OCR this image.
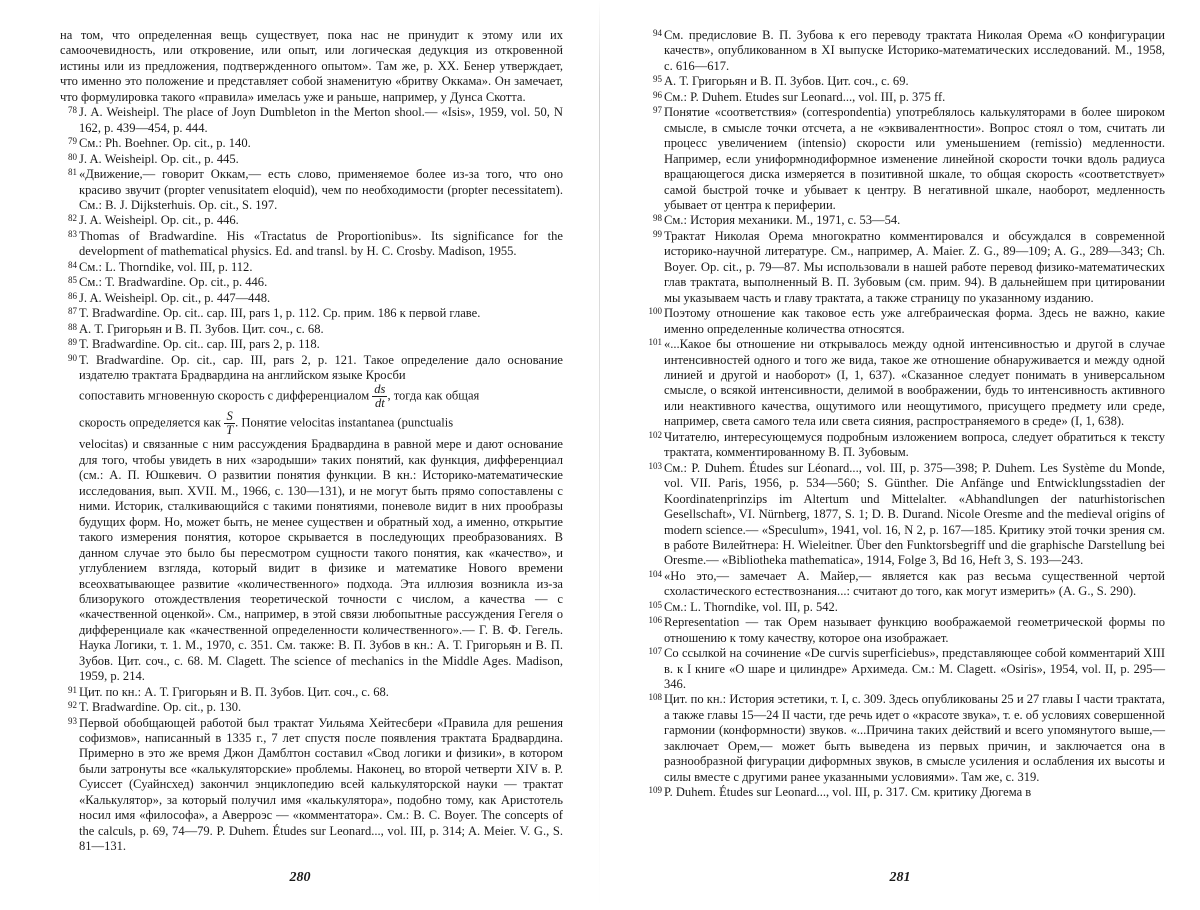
на том, что определенная вещь существует, пока нас не принудит к этому или их самоочевидность, или откровение, или опыт, или логическая дедукция из откровенной истины или из предложения, подтвержденного опытом». Там же, p. XX. Бенер утверждает, что именно это положение и представляет собой знаменитую «бритву Оккама». Он замечает, что формулировка такого «правила» имелась уже и раньше, например, у Дунса Скотта.
78 J. A. Weisheipl. The place of Joyn Dumbleton in the Merton shool.— «Isis», 1959, vol. 50, N 162, p. 439—454, p. 444.
79 См.: Ph. Boehner. Op. cit., p. 140.
80 J. A. Weisheipl. Op. cit., p. 445.
81 «Движение,— говорит Оккам,— есть слово, применяемое более из-за того, что оно красиво звучит (propter venusitatem eloquid), чем по необходимости (propter necessitatem). См.: B. J. Dijksterhuis. Op. cit., S. 197.
82 J. A. Weisheipl. Op. cit., p. 446.
83 Thomas of Bradwardine. His «Tractatus de Proportionibus». Its significance for the development of mathematical physics. Ed. and transl. by H. C. Crosby. Madison, 1955.
84 См.: L. Thorndike, vol. III, p. 112.
85 См.: T. Bradwardine. Op. cit., p. 446.
86 J. A. Weisheipl. Op. cit., p. 447—448.
87 T. Bradwardine. Op. cit.. cap. III, pars 1, p. 112. Ср. прим. 186 к первой главе.
88 А. Т. Григорьян и В. П. Зубов. Цит. соч., с. 68.
89 T. Bradwardine. Op. cit.. cap. III, pars 2, p. 118.
90 T. Bradwardine. Op. cit., cap. III, pars 2, p. 121. Такое определение дало основание издателю трактата Брадвардина на английском языке Кросби
сопоставить мгновенную скорость с дифференциалом $\frac{ds}{dt}$ , тогда как общая
скорость определяется как $\frac{S}{T}$ . Понятие velocitas instantanea (punctualis
velocitas) и связанные с ним рассуждения Брадвардина в равной мере и дают основание для того, чтобы увидеть в них «зародыши» таких понятий, как функция, дифференциал (см.: А. П. Юшкевич. О развитии понятия функции. В кн.: Историко-математические исследования, вып. XVII. М., 1966, с. 130—131), и не могут быть прямо сопоставлены с ними. Историк, сталкивающийся с такими понятиями, поневоле видит в них прообразы будущих форм. Но, может быть, не менее существен и обратный ход, а именно, открытие такого измерения понятия, которое скрывается в последующих преобразованиях. В данном случае это было бы пересмотром сущности такого понятия, как «качество», и углублением взгляда, который видит в физике и математике Нового времени всеохватывающее развитие «количественного» подхода. Эта иллюзия возникла из-за близорукого отождествления теоретической точности с числом, а качества — с «качественной оценкой». См., например, в этой связи любопытные рассуждения Гегеля о дифференциале как «качественной определенности количественного».— Г. В. Ф. Гегель. Наука Логики, т. 1. М., 1970, с. 351. См. также: В. П. Зубов в кн.: А. Т. Григорьян и В. П. Зубов. Цит. соч., с. 68. M. Clagett. The science of mechanics in the Middle Ages. Madison, 1959, p. 214.
91 Цит. по кн.: А. Т. Григорьян и В. П. Зубов. Цит. соч., с. 68.
92 T. Bradwardine. Op. cit., p. 130.
93 Первой обобщающей работой был трактат Уильяма Хейтесбери «Правила для решения софизмов», написанный в 1335 г., 7 лет спустя после появления трактата Брадвардина. Примерно в это же время Джон Дамблтон составил «Свод логики и физики», в котором были затронуты все «калькуляторские» проблемы. Наконец, во второй четверти XIV в. Р. Суиссет (Суайнсхед) закончил энциклопедию всей калькуляторской науки — трактат «Калькулятор», за который получил имя «калькулятора», подобно тому, как Аристотель носил имя «философа», а Аверроэс — «комментатора». См.: B. C. Boyer. The concepts of the calculs, p. 69, 74—79. P. Duhem. Études sur Leonard..., vol. III, p. 314; A. Meier. V. G., S. 81—131.
280
94 См. предисловие В. П. Зубова к его переводу трактата Николая Орема «О конфигурации качеств», опубликованном в XI выпуске Историко-математических исследований. М., 1958, с. 616—617.
95 А. Т. Григорьян и В. П. Зубов. Цит. соч., с. 69.
96 См.: P. Duhem. Etudes sur Leonard..., vol. III, p. 375 ff.
97 Понятие «соответствия» (correspondentia) употреблялось калькуляторами в более широком смысле, в смысле точки отсчета, а не «эквивалентности». Вопрос стоял о том, считать ли процесс увеличением (intensio) скорости или уменьшением (remissio) медленности. Например, если униформнодиформное изменение линейной скорости точки вдоль радиуса вращающегося диска измеряется в позитивной шкале, то общая скорость «соответствует» самой быстрой точке и убывает к центру. В негативной шкале, наоборот, медленность убывает от центра к периферии.
98 См.: История механики. М., 1971, с. 53—54.
99 Трактат Николая Орема многократно комментировался и обсуждался в современной историко-научной литературе. См., например, A. Maier. Z. G., 89—109; A. G., 289—343; Ch. Boyer. Op. cit., p. 79—87. Мы использовали в нашей работе перевод физико-математических глав трактата, выполненный В. П. Зубовым (см. прим. 94). В дальнейшем при цитировании мы указываем часть и главу трактата, а также страницу по указанному изданию.
100 Поэтому отношение как таковое есть уже алгебраическая форма. Здесь не важно, какие именно определенные количества относятся.
101 «...Какое бы отношение ни открывалось между одной интенсивностью и другой в случае интенсивностей одного и того же вида, такое же отношение обнаруживается и между одной линией и другой и наоборот» (I, 1, 637). «Сказанное следует понимать в универсальном смысле, о всякой интенсивности, делимой в воображении, будь то интенсивность активного или неактивного качества, ощутимого или неощутимого, присущего предмету или среде, например, света самого тела или света сияния, распространяемого в среде» (I, 1, 638).
102 Читателю, интересующемуся подробным изложением вопроса, следует обратиться к тексту трактата, комментированному В. П. Зубовым.
103 См.: P. Duhem. Études sur Léonard..., vol. III, p. 375—398; P. Duhem. Les Système du Monde, vol. VII. Paris, 1956, p. 534—560; S. Günther. Die Anfänge und Entwicklungsstadien der Koordinatenprinzips im Altertum und Mittelalter. «Abhandlungen der naturhistorischen Gesellschaft», VI. Nürnberg, 1877, S. 1; D. B. Durand. Nicole Oresme and the medieval origins of modern science.— «Speculum», 1941, vol. 16, N 2, p. 167—185. Критику этой точки зрения см. в работе Вилейтнера: H. Wieleitner. Über den Funktorsbegriff und die graphische Darstellung bei Oresme.— «Bibliotheka mathematica», 1914, Folge 3, Bd 16, Heft 3, S. 193—243.
104 «Но это,— замечает А. Майер,— является как раз весьма существенной чертой схоластического естествознания...: считают до того, как могут измерить» (A. G., S. 290).
105 См.: L. Thorndike, vol. III, p. 542.
106 Representation — так Орем называет функцию воображаемой геометрической формы по отношению к тому качеству, которое она изображает.
107 Со ссылкой на сочинение «De curvis superficiebus», представляющее собой комментарий XIII в. к I книге «О шаре и цилиндре» Архимеда. См.: M. Clagett. «Osiris», 1954, vol. II, p. 295—346.
108 Цит. по кн.: История эстетики, т. I, с. 309. Здесь опубликованы 25 и 27 главы I части трактата, а также главы 15—24 II части, где речь идет о «красоте звука», т. е. об условиях совершенной гармонии (конформности) звуков. «...Причина таких действий и всего упомянутого выше,— заключает Орем,— может быть выведена из первых причин, и заключается она в разнообразной фигурации диформных звуков, в смысле усиления и ослабления их высоты и силы вместе с другими ранее указанными условиями». Там же, с. 319.
109 P. Duhem. Études sur Leonard..., vol. III, p. 317. См. критику Дюгема в
281
